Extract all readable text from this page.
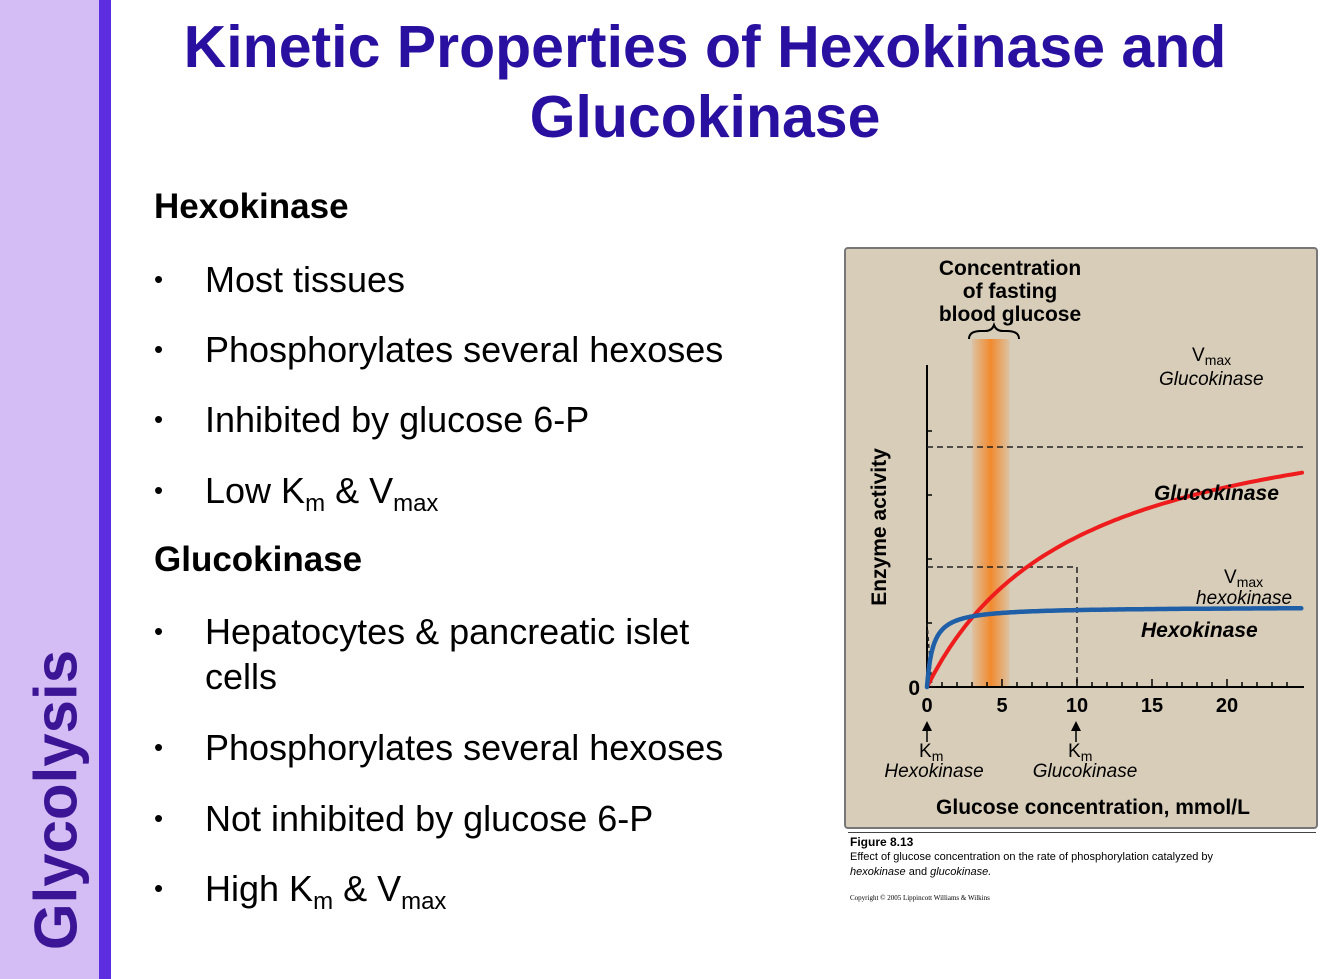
Glycolysis
Kinetic Properties of Hexokinase and
Glucokinase
Hexokinase
•	Most tissues
•	Phosphorylates several hexoses
•	Inhibited by glucose 6-P
•	Low $K_m$ & $V_{max}$
Glucokinase
•	Hepatocytes & pancreatic islet
cells
•	Phosphorylates several hexoses
•	Not inhibited by glucose 6-P
•	High $K_m$ & $V_{max}$
Concentration
of fasting
blood glucose
0	5	10	15	20
Enzyme activity
0
$V_{max}$
Glucokinase
Glucokinase
$V_{max}$
hexokinase
Hexokinase
$K_m$
Hexokinase
$K_m$
Glucokinase
Glucose concentration, mmol/L
Figure 8.13
Effect of glucose concentration on the rate of phosphorylation catalyzed by
hexokinase and glucokinase.
Copyright © 2005 Lippincott Williams & Wilkins
